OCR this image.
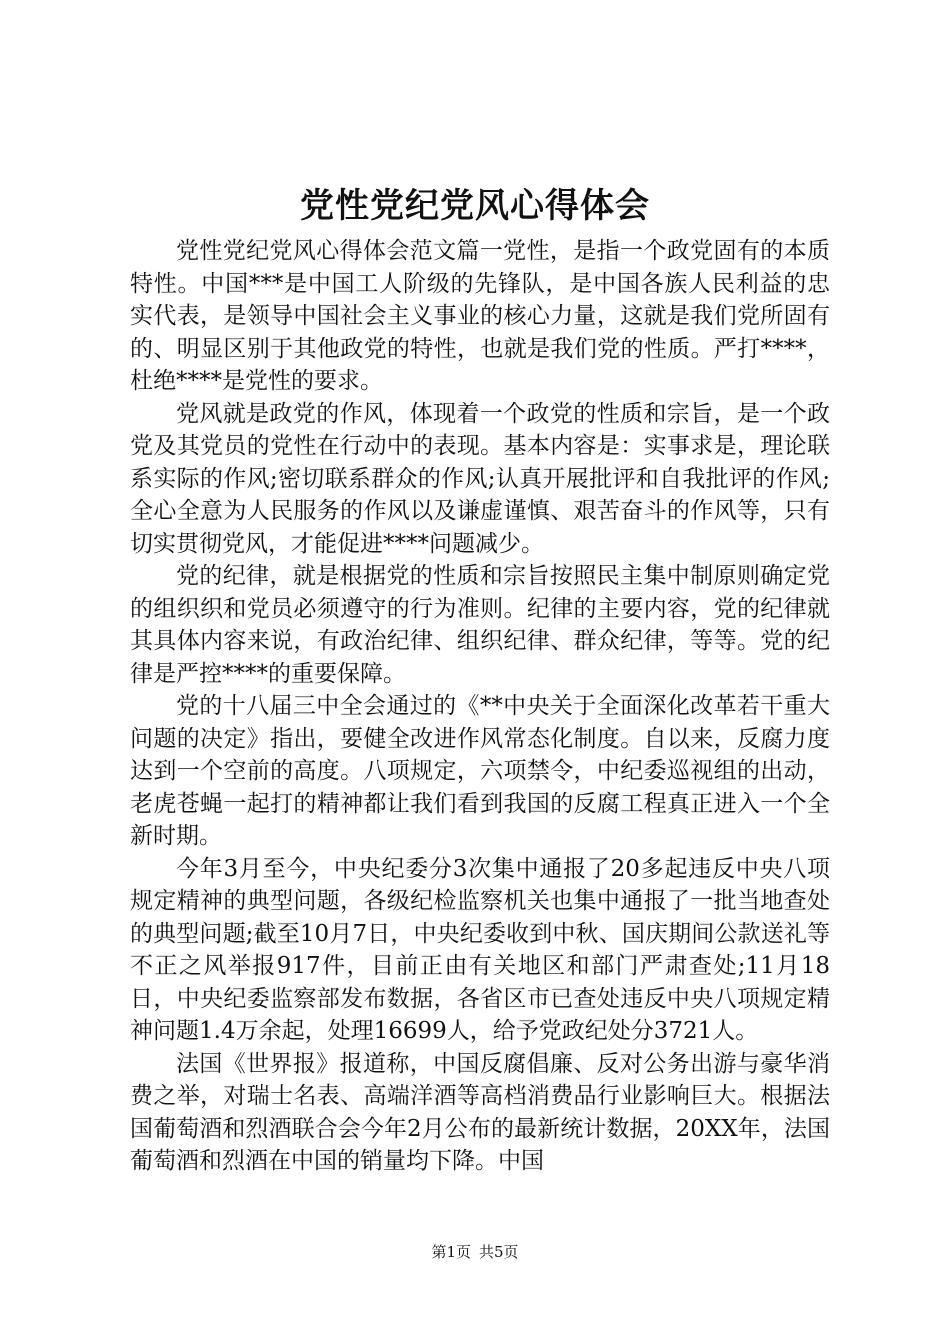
党性党纪党风心得体会

党性党纪党风心得体会范文篇一党性，是指一个政党固有的本质特性。中国***是中国工人阶级的先锋队，是中国各族人民利益的忠实代表，是领导中国社会主义事业的核心力量，这就是我们党所固有的、明显区别于其他政党的特性，也就是我们党的性质。严打****，杜绝****是党性的要求。

党风就是政党的作风，体现着一个政党的性质和宗旨，是一个政党及其党员的党性在行动中的表现。基本内容是：实事求是，理论联系实际的作风;密切联系群众的作风;认真开展批评和自我批评的作风;全心全意为人民服务的作风以及谦虚谨慎、艰苦奋斗的作风等，只有切实贯彻党风，才能促进****问题减少。

党的纪律，就是根据党的性质和宗旨按照民主集中制原则确定党的组织织和党员必须遵守的行为准则。纪律的主要内容，党的纪律就其具体内容来说，有政治纪律、组织纪律、群众纪律，等等。党的纪律是严控****的重要保障。

党的十八届三中全会通过的《**中央关于全面深化改革若干重大问题的决定》指出，要健全改进作风常态化制度。自以来，反腐力度达到一个空前的高度。八项规定，六项禁令，中纪委巡视组的出动，老虎苍蝇一起打的精神都让我们看到我国的反腐工程真正进入一个全新时期。

今年3月至今，中央纪委分3次集中通报了20多起违反中央八项规定精神的典型问题，各级纪检监察机关也集中通报了一批当地查处的典型问题;截至10月7日，中央纪委收到中秋、国庆期间公款送礼等不正之风举报917件，目前正由有关地区和部门严肃查处;11月18日，中央纪委监察部发布数据，各省区市已查处违反中央八项规定精神问题1.4万余起，处理16699人，给予党政纪处分3721人。

法国《世界报》报道称，中国反腐倡廉、反对公务出游与豪华消费之举，对瑞士名表、高端洋酒等高档消费品行业影响巨大。根据法国葡萄酒和烈酒联合会今年2月公布的最新统计数据，20XX年，法国葡萄酒和烈酒在中国的销量均下降。中国

第1页 共5页
